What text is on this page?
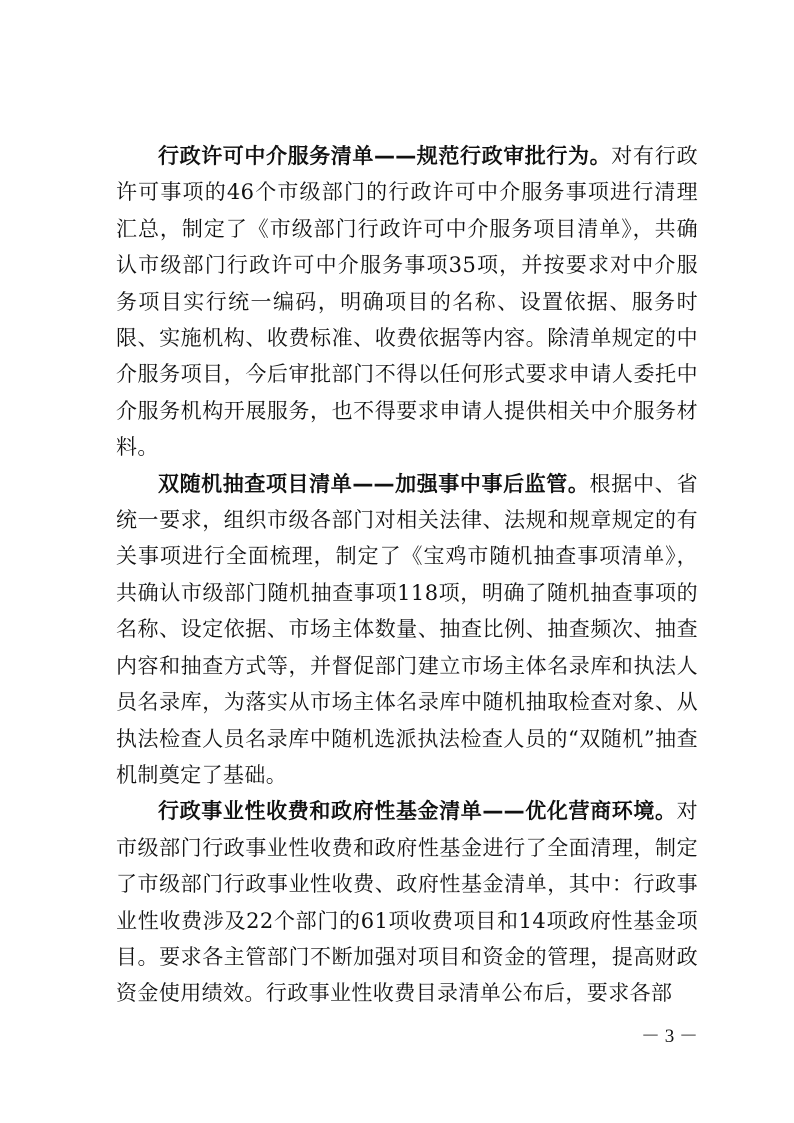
行政许可中介服务清单——规范行政审批行为。对有行政许可事项的46个市级部门的行政许可中介服务事项进行清理汇总，制定了《市级部门行政许可中介服务项目清单》，共确认市级部门行政许可中介服务事项35项，并按要求对中介服务项目实行统一编码，明确项目的名称、设置依据、服务时限、实施机构、收费标准、收费依据等内容。除清单规定的中介服务项目，今后审批部门不得以任何形式要求申请人委托中介服务机构开展服务，也不得要求申请人提供相关中介服务材料。

双随机抽查项目清单——加强事中事后监管。根据中、省统一要求，组织市级各部门对相关法律、法规和规章规定的有关事项进行全面梳理，制定了《宝鸡市随机抽查事项清单》，共确认市级部门随机抽查事项118项，明确了随机抽查事项的名称、设定依据、市场主体数量、抽查比例、抽查频次、抽查内容和抽查方式等，并督促部门建立市场主体名录库和执法人员名录库，为落实从市场主体名录库中随机抽取检查对象、从执法检查人员名录库中随机选派执法检查人员的“双随机”抽查机制奠定了基础。

行政事业性收费和政府性基金清单——优化营商环境。对市级部门行政事业性收费和政府性基金进行了全面清理，制定了市级部门行政事业性收费、政府性基金清单，其中：行政事业性收费涉及22个部门的61项收费项目和14项政府性基金项目。要求各主管部门不断加强对项目和资金的管理，提高财政资金使用绩效。行政事业性收费目录清单公布后，要求各部

－ 3 －
